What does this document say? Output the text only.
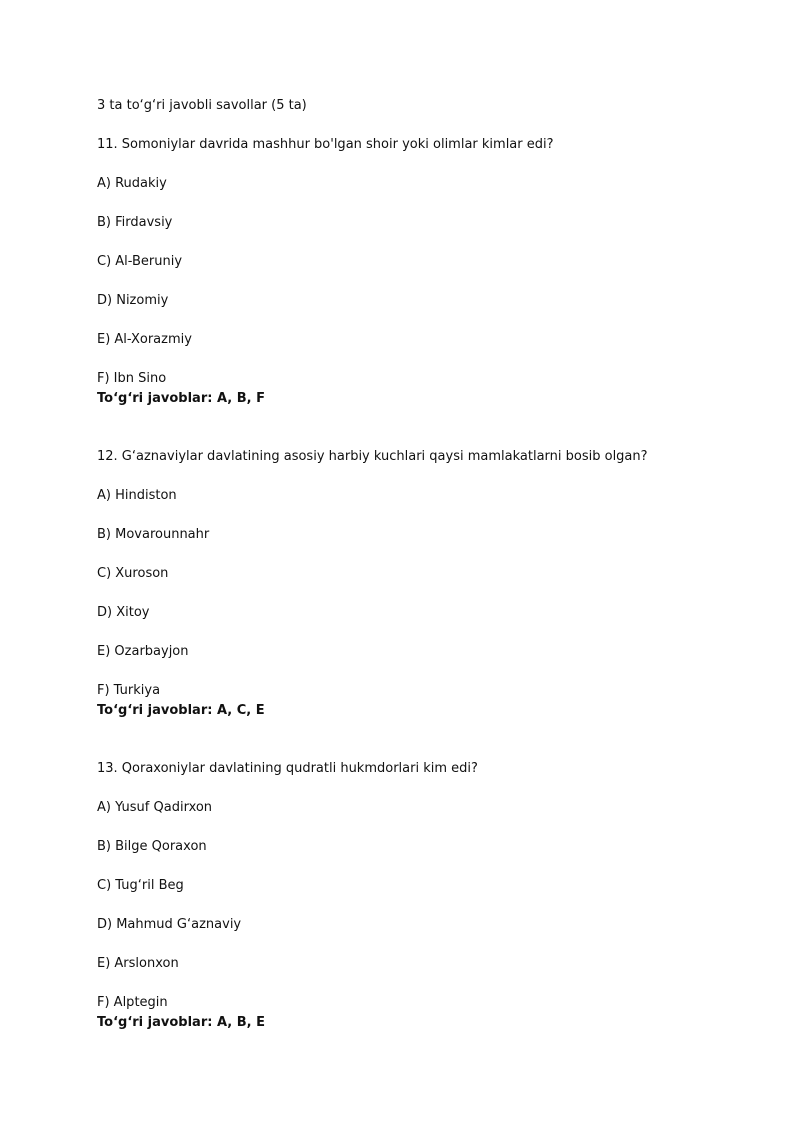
3 ta to‘g‘ri javobli savollar (5 ta)

11. Somoniylar davrida mashhur bo'lgan shoir yoki olimlar kimlar edi?

A) Rudakiy

B) Firdavsiy

C) Al-Beruniy

D) Nizomiy

E) Al-Xorazmiy

F) Ibn Sino

To‘g‘ri javoblar: A, B, F

12. G‘aznaviylar davlatining asosiy harbiy kuchlari qaysi mamlakatlarni bosib olgan?

A) Hindiston

B) Movarounnahr

C) Xuroson

D) Xitoy

E) Ozarbayjon

F) Turkiya

To‘g‘ri javoblar: A, C, E

13. Qoraxoniylar davlatining qudratli hukmdorlari kim edi?

A) Yusuf Qadirxon

B) Bilge Qoraxon

C) Tug‘ril Beg

D) Mahmud G‘aznaviy

E) Arslonxon

F) Alptegin

To‘g‘ri javoblar: A, B, E
